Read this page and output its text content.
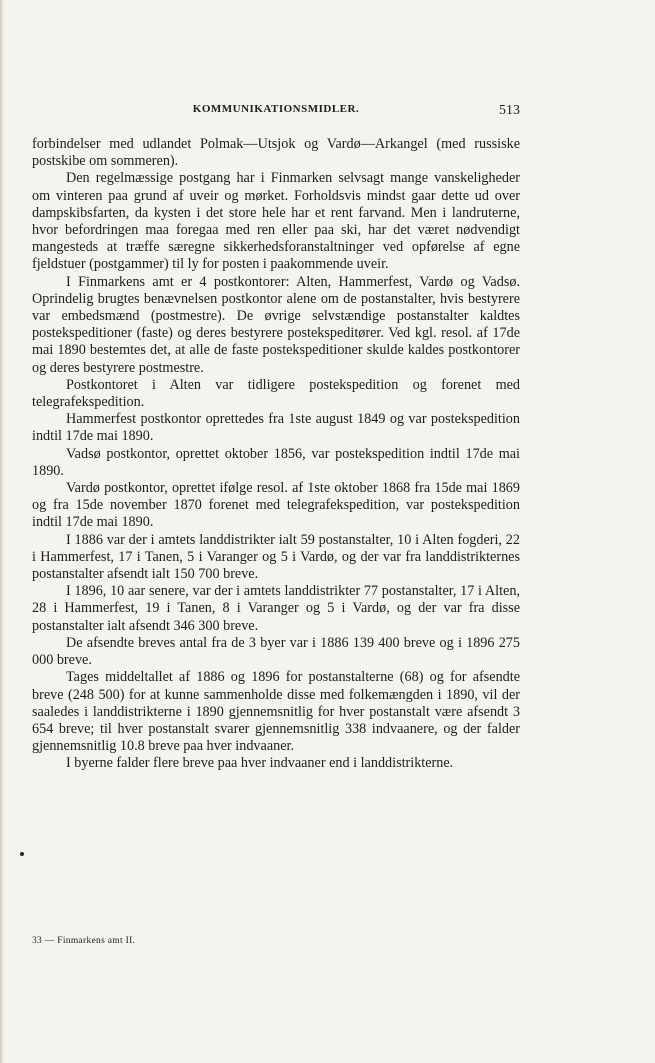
KOMMUNIKATIONSMIDLER.	513

forbindelser med udlandet Polmak—Utsjok og Vardø—Arkangel (med russiske postskibe om sommeren).

Den regelmæssige postgang har i Finmarken selvsagt mange vanskeligheder om vinteren paa grund af uveir og mørket. Forholdsvis mindst gaar dette ud over dampskibsfarten, da kysten i det store hele har et rent farvand. Men i landruterne, hvor befordringen maa foregaa med ren eller paa ski, har det været nødvendigt mangesteds at træffe særegne sikkerhedsforanstaltninger ved opførelse af egne fjeldstuer (postgammer) til ly for posten i paakommende uveir.

I Finmarkens amt er 4 postkontorer: Alten, Hammerfest, Vardø og Vadsø. Oprindelig brugtes benævnelsen postkontor alene om de postanstalter, hvis bestyrere var embedsmænd (postmestre). De øvrige selvstændige postanstalter kaldtes postekspeditioner (faste) og deres bestyrere postekspeditører. Ved kgl. resol. af 17de mai 1890 bestemtes det, at alle de faste postekspeditioner skulde kaldes postkontorer og deres bestyrere postmestre.

Postkontoret i Alten var tidligere postekspedition og forenet med telegrafekspedition.

Hammerfest postkontor oprettedes fra 1ste august 1849 og var postekspedition indtil 17de mai 1890.

Vadsø postkontor, oprettet oktober 1856, var postekspedition indtil 17de mai 1890.

Vardø postkontor, oprettet ifølge resol. af 1ste oktober 1868 fra 15de mai 1869 og fra 15de november 1870 forenet med telegrafekspedition, var postekspedition indtil 17de mai 1890.

I 1886 var der i amtets landdistrikter ialt 59 postanstalter, 10 i Alten fogderi, 22 i Hammerfest, 17 i Tanen, 5 i Varanger og 5 i Vardø, og der var fra landdistrikternes postanstalter afsendt ialt 150 700 breve.

I 1896, 10 aar senere, var der i amtets landdistrikter 77 postanstalter, 17 i Alten, 28 i Hammerfest, 19 i Tanen, 8 i Varanger og 5 i Vardø, og der var fra disse postanstalter ialt afsendt 346 300 breve.

De afsendte breves antal fra de 3 byer var i 1886 139 400 breve og i 1896 275 000 breve.

Tages middeltallet af 1886 og 1896 for postanstalterne (68) og for afsendte breve (248 500) for at kunne sammenholde disse med folkemængden i 1890, vil der saaledes i landdistrikterne i 1890 gjennemsnitlig for hver postanstalt være afsendt 3 654 breve; til hver postanstalt svarer gjennemsnitlig 338 indvaanere, og der falder gjennemsnitlig 10.8 breve paa hver indvaaner.

I byerne falder flere breve paa hver indvaaner end i landdistrikterne.

33 — Finmarkens amt II.
